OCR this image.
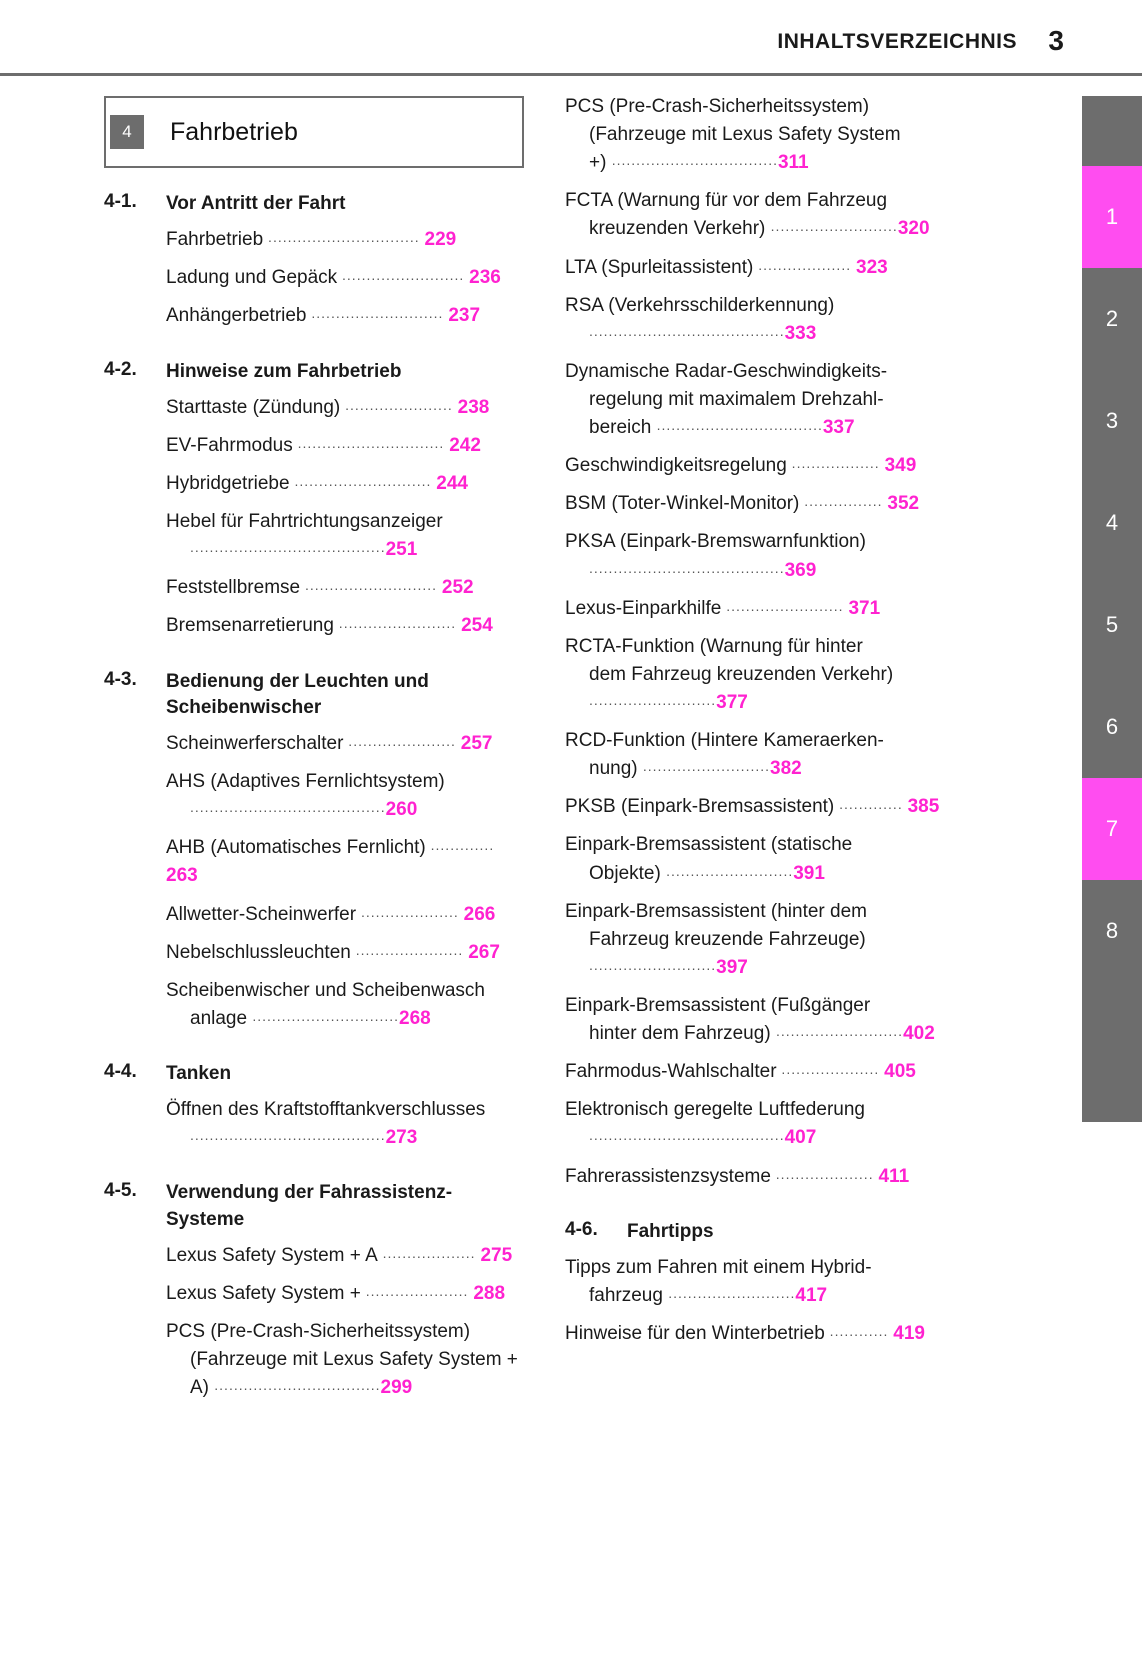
INHALTSVERZEICHNIS 3
1
2
3
4
5
6
7
8
4	Fahrbetrieb
4-1.	Vor Antritt der Fahrt
Fahrbetrieb ............................... 229
Ladung und Gepäck ......................... 236
Anhängerbetrieb ........................... 237
4-2.	Hinweise zum Fahrbetrieb
Starttaste (Zündung) ...................... 238
EV-Fahrmodus .............................. 242
Hybridgetriebe ............................ 244
Hebel für Fahrtrichtungsanzeiger
........................................251
Feststellbremse ........................... 252
Bremsenarretierung ........................ 254
4-3.	Bedienung der Leuchten und Scheibenwischer
Scheinwerferschalter ...................... 257
AHS (Adaptives Fernlichtsystem)
........................................260
AHB (Automatisches Fernlicht) ............. 263
Allwetter-Scheinwerfer .................... 266
Nebelschlussleuchten ...................... 267
Scheibenwischer und Scheibenwasch
anlage ..............................268
4-4.	Tanken
Öffnen des Kraftstofftankverschlusses
........................................273
4-5.	Verwendung der Fahrassistenz-Systeme
Lexus Safety System + A ................... 275
Lexus Safety System + ..................... 288
PCS (Pre-Crash-Sicherheitssystem)
(Fahrzeuge mit Lexus Safety System +
A) ..................................299
PCS (Pre-Crash-Sicherheitssystem)
(Fahrzeuge mit Lexus Safety System
+) ..................................311
FCTA (Warnung für vor dem Fahrzeug
kreuzenden Verkehr) ..........................320
LTA (Spurleitassistent) ................... 323
RSA (Verkehrsschilderkennung)
........................................333
Dynamische Radar-Geschwindigkeits-
regelung mit maximalem Drehzahl-
bereich ..................................337
Geschwindigkeitsregelung .................. 349
BSM (Toter-Winkel-Monitor) ................ 352
PKSA (Einpark-Bremswarnfunktion)
........................................369
Lexus-Einparkhilfe ........................ 371
RCTA-Funktion (Warnung für hinter
dem Fahrzeug kreuzenden Verkehr) ..........................377
RCD-Funktion (Hintere Kameraerken-
nung) ..........................382
PKSB (Einpark-Bremsassistent) ............. 385
Einpark-Bremsassistent (statische
Objekte) ..........................391
Einpark-Bremsassistent (hinter dem
Fahrzeug kreuzende Fahrzeuge) ..........................397
Einpark-Bremsassistent (Fußgänger
hinter dem Fahrzeug) ..........................402
Fahrmodus-Wahlschalter .................... 405
Elektronisch geregelte Luftfederung
........................................407
Fahrerassistenzsysteme .................... 411
4-6.	Fahrtipps
Tipps zum Fahren mit einem Hybrid-
fahrzeug ..........................417
Hinweise für den Winterbetrieb ............ 419
